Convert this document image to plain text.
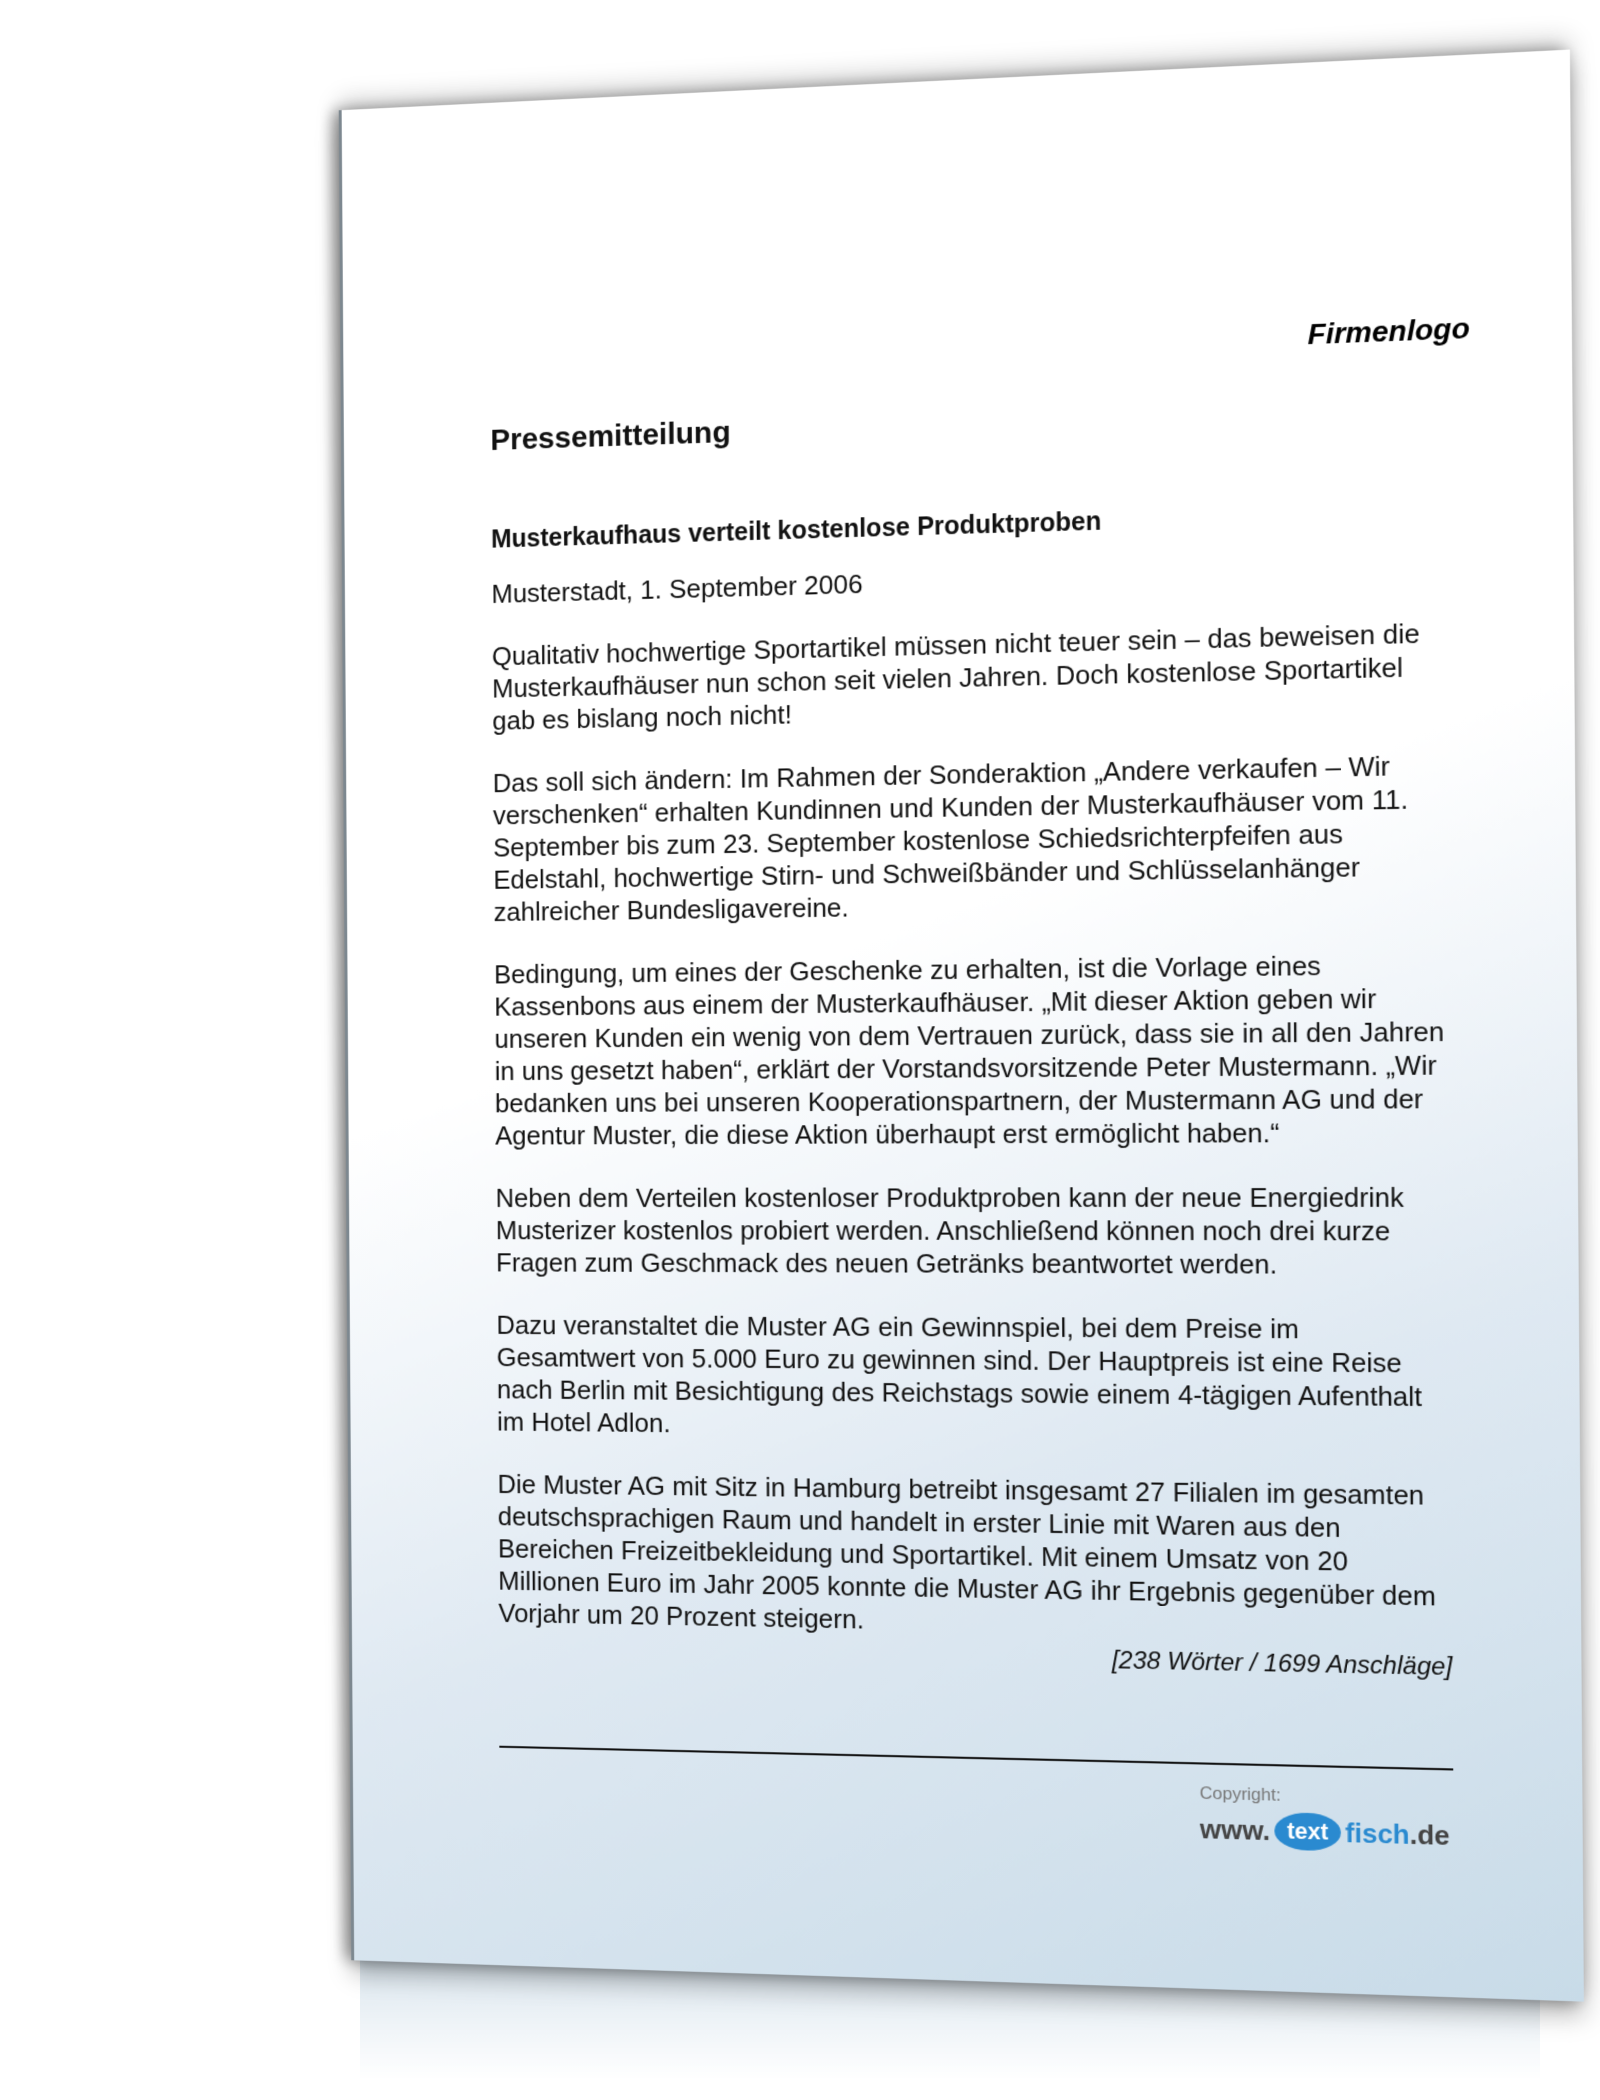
Firmenlogo
Pressemitteilung
Musterkaufhaus verteilt kostenlose Produktproben
Musterstadt, 1. September 2006
Qualitativ hochwertige Sportartikel müssen nicht teuer sein – das beweisen die Musterkaufhäuser nun schon seit vielen Jahren. Doch kostenlose Sportartikel gab es bislang noch nicht!
Das soll sich ändern: Im Rahmen der Sonderaktion „Andere verkaufen – Wir verschenken“ erhalten Kundinnen und Kunden der Musterkaufhäuser vom 11. September bis zum 23. September kostenlose Schiedsrichterpfeifen aus Edelstahl, hochwertige Stirn- und Schweißbänder und Schlüsselanhänger zahlreicher Bundesligavereine.
Bedingung, um eines der Geschenke zu erhalten, ist die Vorlage eines Kassenbons aus einem der Musterkaufhäuser. „Mit dieser Aktion geben wir unseren Kunden ein wenig von dem Vertrauen zurück, dass sie in all den Jahren in uns gesetzt haben“, erklärt der Vorstandsvorsitzende Peter Mustermann. „Wir bedanken uns bei unseren Kooperationspartnern, der Mustermann AG und der Agentur Muster, die diese Aktion überhaupt erst ermöglicht haben.“
Neben dem Verteilen kostenloser Produktproben kann der neue Energiedrink Musterizer kostenlos probiert werden. Anschließend können noch drei kurze Fragen zum Geschmack des neuen Getränks beantwortet werden.
Dazu veranstaltet die Muster AG ein Gewinnspiel, bei dem Preise im Gesamtwert von 5.000 Euro zu gewinnen sind. Der Hauptpreis ist eine Reise nach Berlin mit Besichtigung des Reichstags sowie einem 4-tägigen Aufenthalt im Hotel Adlon.
Die Muster AG mit Sitz in Hamburg betreibt insgesamt 27 Filialen im gesamten deutschsprachigen Raum und handelt in erster Linie mit Waren aus den Bereichen Freizeitbekleidung und Sportartikel. Mit einem Umsatz von 20 Millionen Euro im Jahr 2005 konnte die Muster AG ihr Ergebnis gegenüber dem Vorjahr um 20 Prozent steigern.
[238 Wörter / 1699 Anschläge]
Copyright:
www. text fisch .de
